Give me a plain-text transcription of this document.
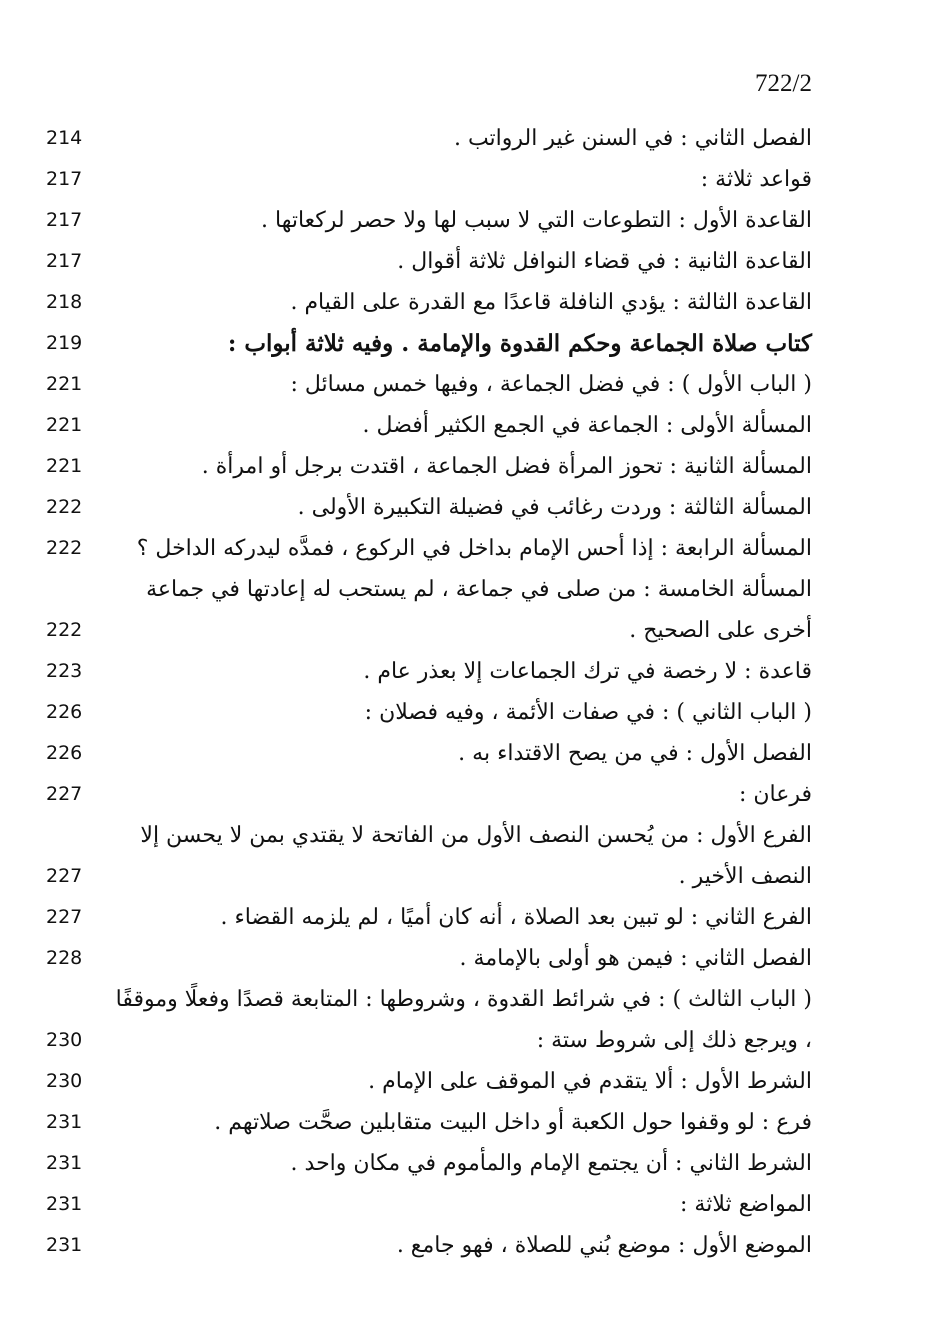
722/2
الفصل الثاني : في السنن غير الرواتب .
214
قواعد ثلاثة :
217
القاعدة الأول : التطوعات التي لا سبب لها ولا حصر لركعاتها .
217
القاعدة الثانية : في قضاء النوافل ثلاثة أقوال .
217
القاعدة الثالثة : يؤدي النافلة قاعدًا مع القدرة على القيام .
218
كتاب صلاة الجماعة وحكم القدوة والإمامة . وفيه ثلاثة أبواب :
219
( الباب الأول ) : في فضل الجماعة ، وفيها خمس مسائل :
221
المسألة الأولى : الجماعة في الجمع الكثير أفضل .
221
المسألة الثانية : تحوز المرأة فضل الجماعة ، اقتدت برجل أو امرأة .
221
المسألة الثالثة : وردت رغائب في فضيلة التكبيرة الأولى .
222
المسألة الرابعة : إذا أحس الإمام بداخل في الركوع ، فمدَّه ليدركه الداخل ؟
222
المسألة الخامسة : من صلى في جماعة ، لم يستحب له إعادتها في جماعة أخرى على الصحيح .
222
قاعدة : لا رخصة في ترك الجماعات إلا بعذر عام .
223
( الباب الثاني ) : في صفات الأئمة ، وفيه فصلان :
226
الفصل الأول : في من يصح الاقتداء به .
226
فرعان :
227
الفرع الأول : من يُحسن النصف الأول من الفاتحة لا يقتدي بمن لا يحسن إلا النصف الأخير .
227
الفرع الثاني : لو تبين بعد الصلاة ، أنه كان أميًا ، لم يلزمه القضاء .
227
الفصل الثاني : فيمن هو أولى بالإمامة .
228
( الباب الثالث ) : في شرائط القدوة ، وشروطها : المتابعة قصدًا وفعلًا وموقفًا ، ويرجع ذلك إلى شروط ستة :
230
الشرط الأول : ألا يتقدم في الموقف على الإمام .
230
فرع : لو وقفوا حول الكعبة أو داخل البيت متقابلين صحَّت صلاتهم .
231
الشرط الثاني : أن يجتمع الإمام والمأموم في مكان واحد .
231
المواضع ثلاثة :
231
الموضع الأول : موضع بُني للصلاة ، فهو جامع .
231
